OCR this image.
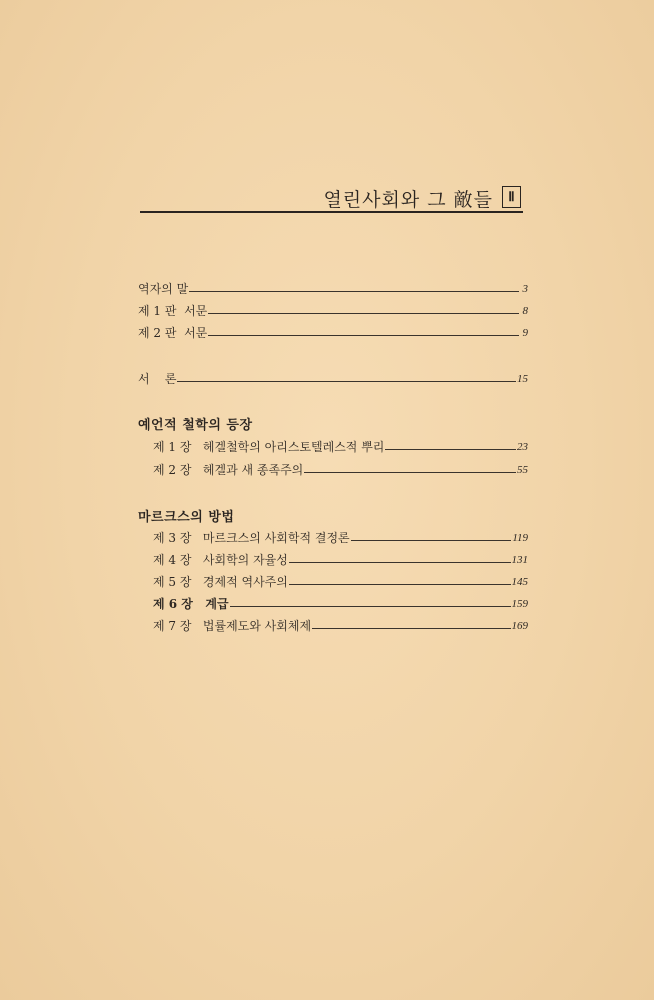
열린사회와 그 敵들	Ⅱ
역자의 말	3
제 1 판  서문	8
제 2 판  서문	9
서    론	15
예언적 철학의 등장
제 1 장   헤겔철학의 아리스토텔레스적 뿌리	23
제 2 장   헤겔과 새 종족주의	55
마르크스의 방법
제 3 장   마르크스의 사회학적 결정론	119
제 4 장   사회학의 자율성	131
제 5 장   경제적 역사주의	145
제 6 장   계급	159
제 7 장   법률제도와 사회체제	169
